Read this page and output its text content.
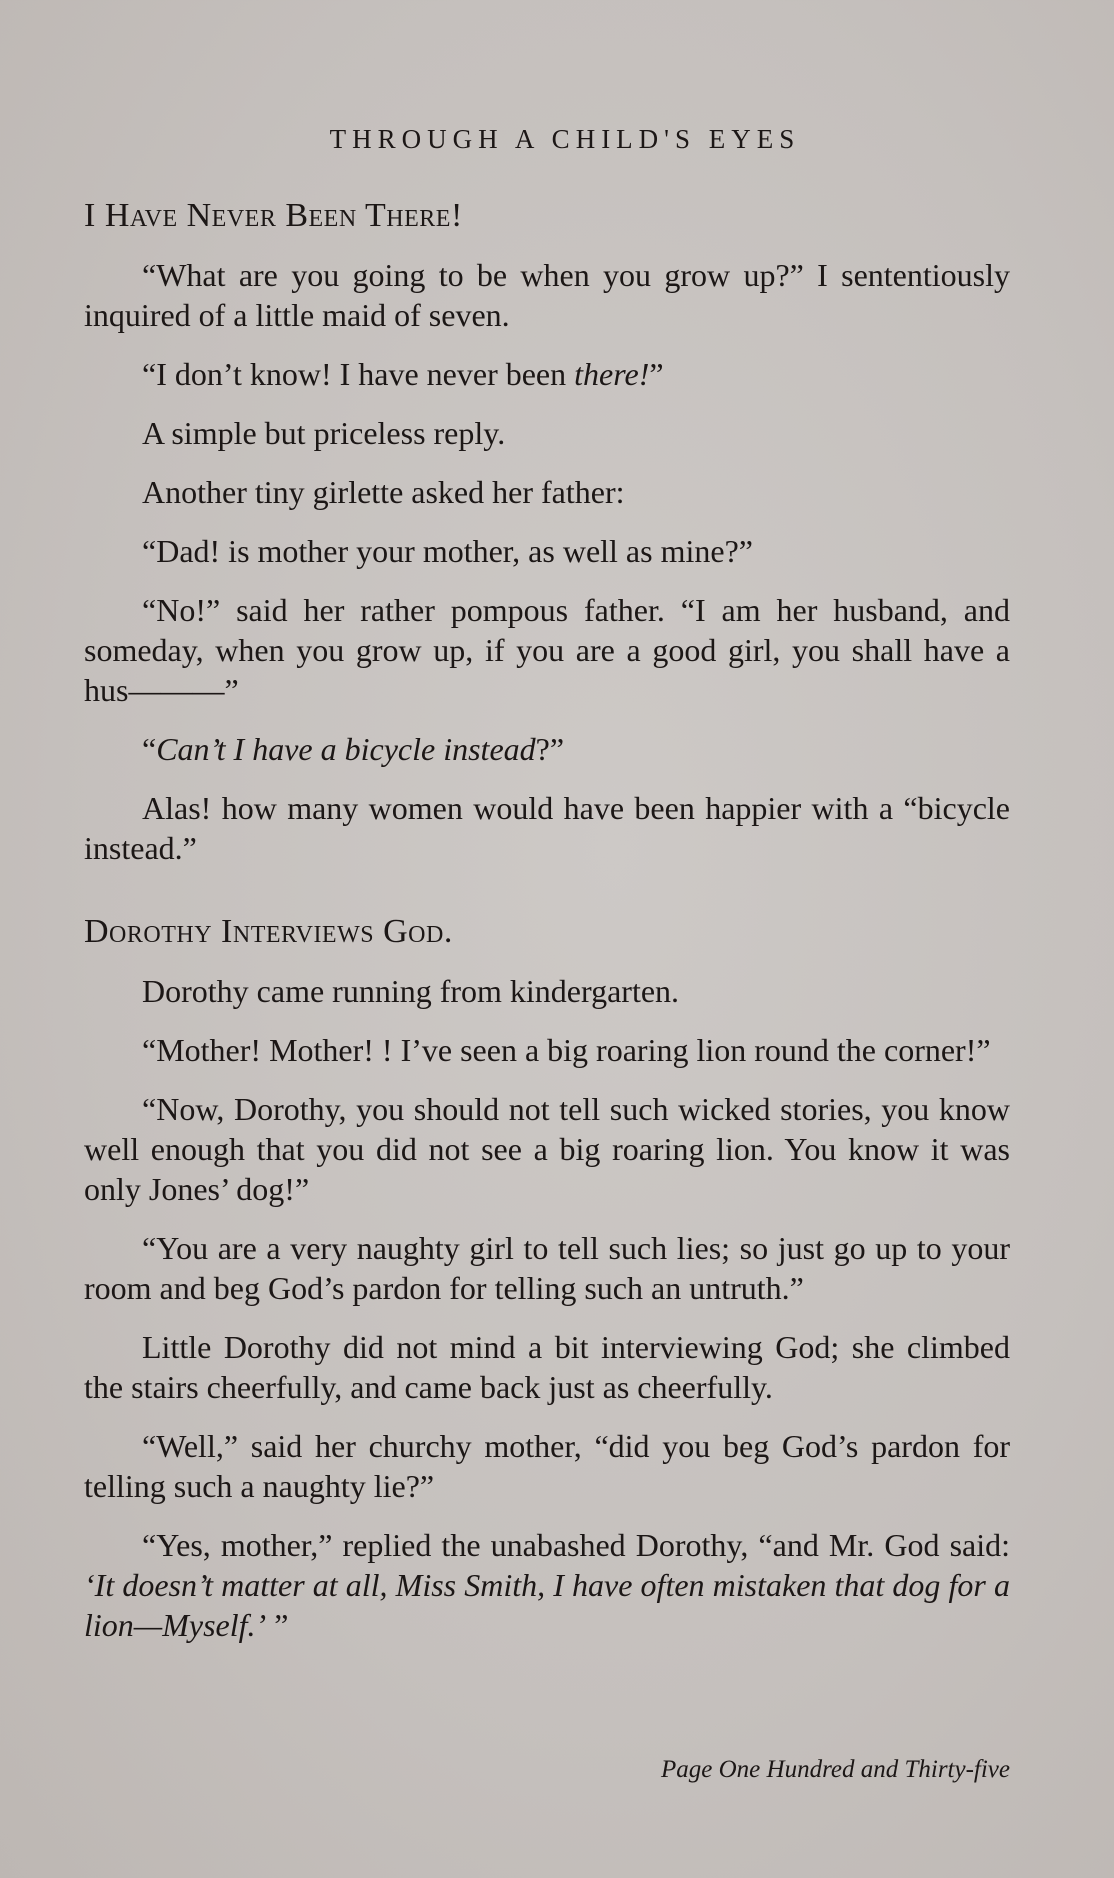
THROUGH A CHILD'S EYES
I Have Never Been There!

“What are you going to be when you grow up?” I sententiously inquired of a little maid of seven.

“I don’t know! I have never been there!”

A simple but priceless reply.

Another tiny girlette asked her father:

“Dad! is mother your mother, as well as mine?”

“No!” said her rather pompous father. “I am her husband, and someday, when you grow up, if you are a good girl, you shall have a hus———”

“Can’t I have a bicycle instead?”

Alas! how many women would have been happier with a “bicycle instead.”

Dorothy Interviews God.

Dorothy came running from kindergarten.

“Mother! Mother! ! I’ve seen a big roaring lion round the corner!”

“Now, Dorothy, you should not tell such wicked stories, you know well enough that you did not see a big roaring lion. You know it was only Jones’ dog!”

“You are a very naughty girl to tell such lies; so just go up to your room and beg God’s pardon for telling such an untruth.”

Little Dorothy did not mind a bit interviewing God; she climbed the stairs cheerfully, and came back just as cheerfully.

“Well,” said her churchy mother, “did you beg God’s pardon for telling such a naughty lie?”

“Yes, mother,” replied the unabashed Dorothy, “and Mr. God said: ‘It doesn’t matter at all, Miss Smith, I have often mistaken that dog for a lion—Myself.’ ”

Page One Hundred and Thirty-five
